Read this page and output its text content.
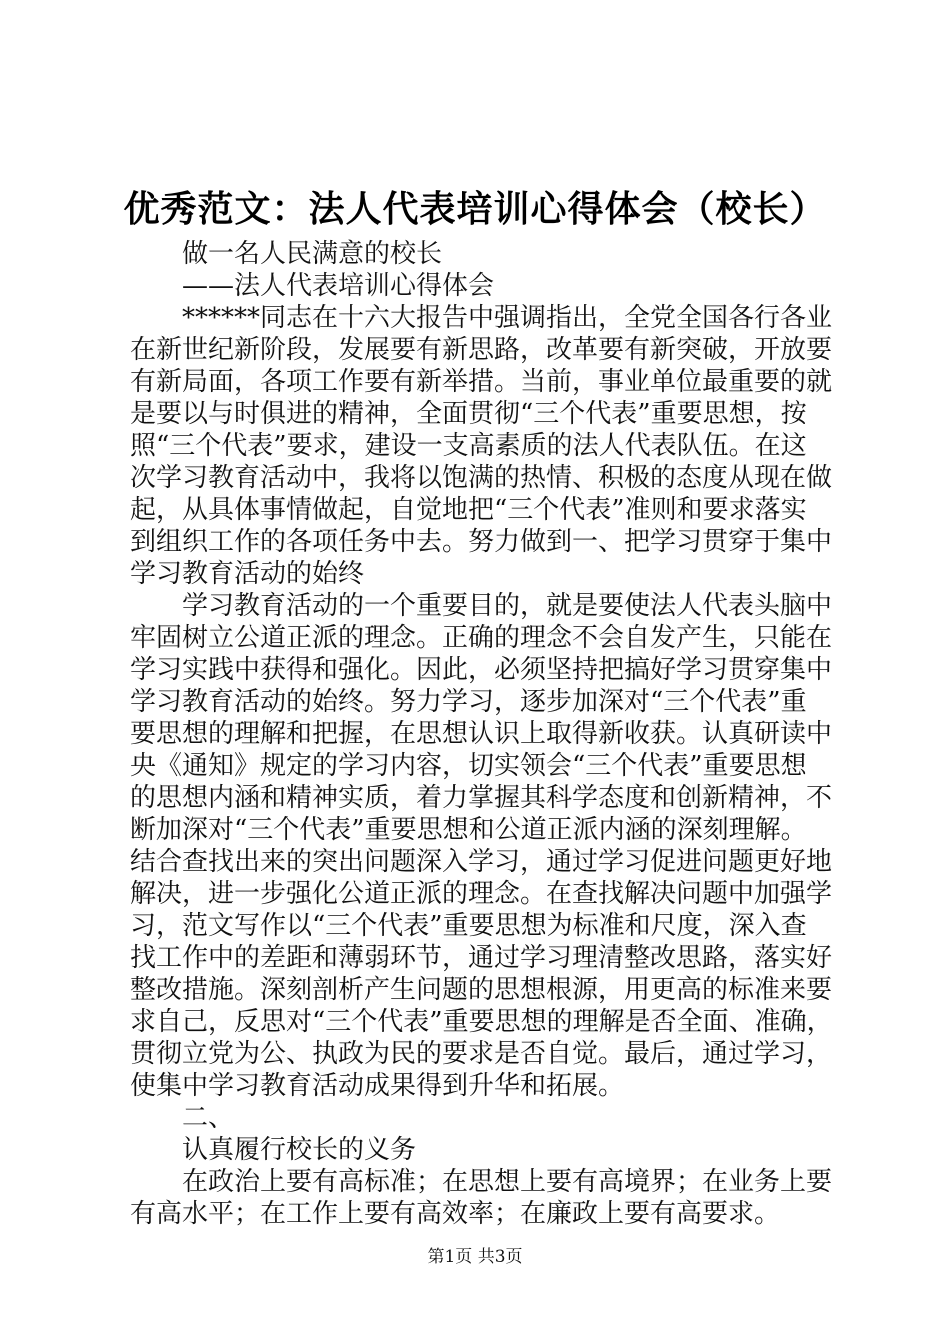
优秀范文：法人代表培训心得体会（校长）
做一名人民满意的校长
——法人代表培训心得体会
******同志在十六大报告中强调指出，全党全国各行各业
在新世纪新阶段，发展要有新思路，改革要有新突破，开放要
有新局面，各项工作要有新举措。当前，事业单位最重要的就
是要以与时俱进的精神，全面贯彻“三个代表”重要思想，按
照“三个代表”要求，建设一支高素质的法人代表队伍。在这
次学习教育活动中，我将以饱满的热情、积极的态度从现在做
起，从具体事情做起，自觉地把“三个代表”准则和要求落实
到组织工作的各项任务中去。努力做到一、把学习贯穿于集中
学习教育活动的始终
学习教育活动的一个重要目的，就是要使法人代表头脑中
牢固树立公道正派的理念。正确的理念不会自发产生，只能在
学习实践中获得和强化。因此，必须坚持把搞好学习贯穿集中
学习教育活动的始终。努力学习，逐步加深对“三个代表”重
要思想的理解和把握，在思想认识上取得新收获。认真研读中
央《通知》规定的学习内容，切实领会“三个代表”重要思想
的思想内涵和精神实质，着力掌握其科学态度和创新精神，不
断加深对“三个代表”重要思想和公道正派内涵的深刻理解。
结合查找出来的突出问题深入学习，通过学习促进问题更好地
解决，进一步强化公道正派的理念。在查找解决问题中加强学
习，范文写作以“三个代表”重要思想为标准和尺度，深入查
找工作中的差距和薄弱环节，通过学习理清整改思路，落实好
整改措施。深刻剖析产生问题的思想根源，用更高的标准来要
求自己，反思对“三个代表”重要思想的理解是否全面、准确，
贯彻立党为公、执政为民的要求是否自觉。最后，通过学习，
使集中学习教育活动成果得到升华和拓展。
二、
认真履行校长的义务
在政治上要有高标准；在思想上要有高境界；在业务上要
有高水平；在工作上要有高效率；在廉政上要有高要求。
第1页 共3页
